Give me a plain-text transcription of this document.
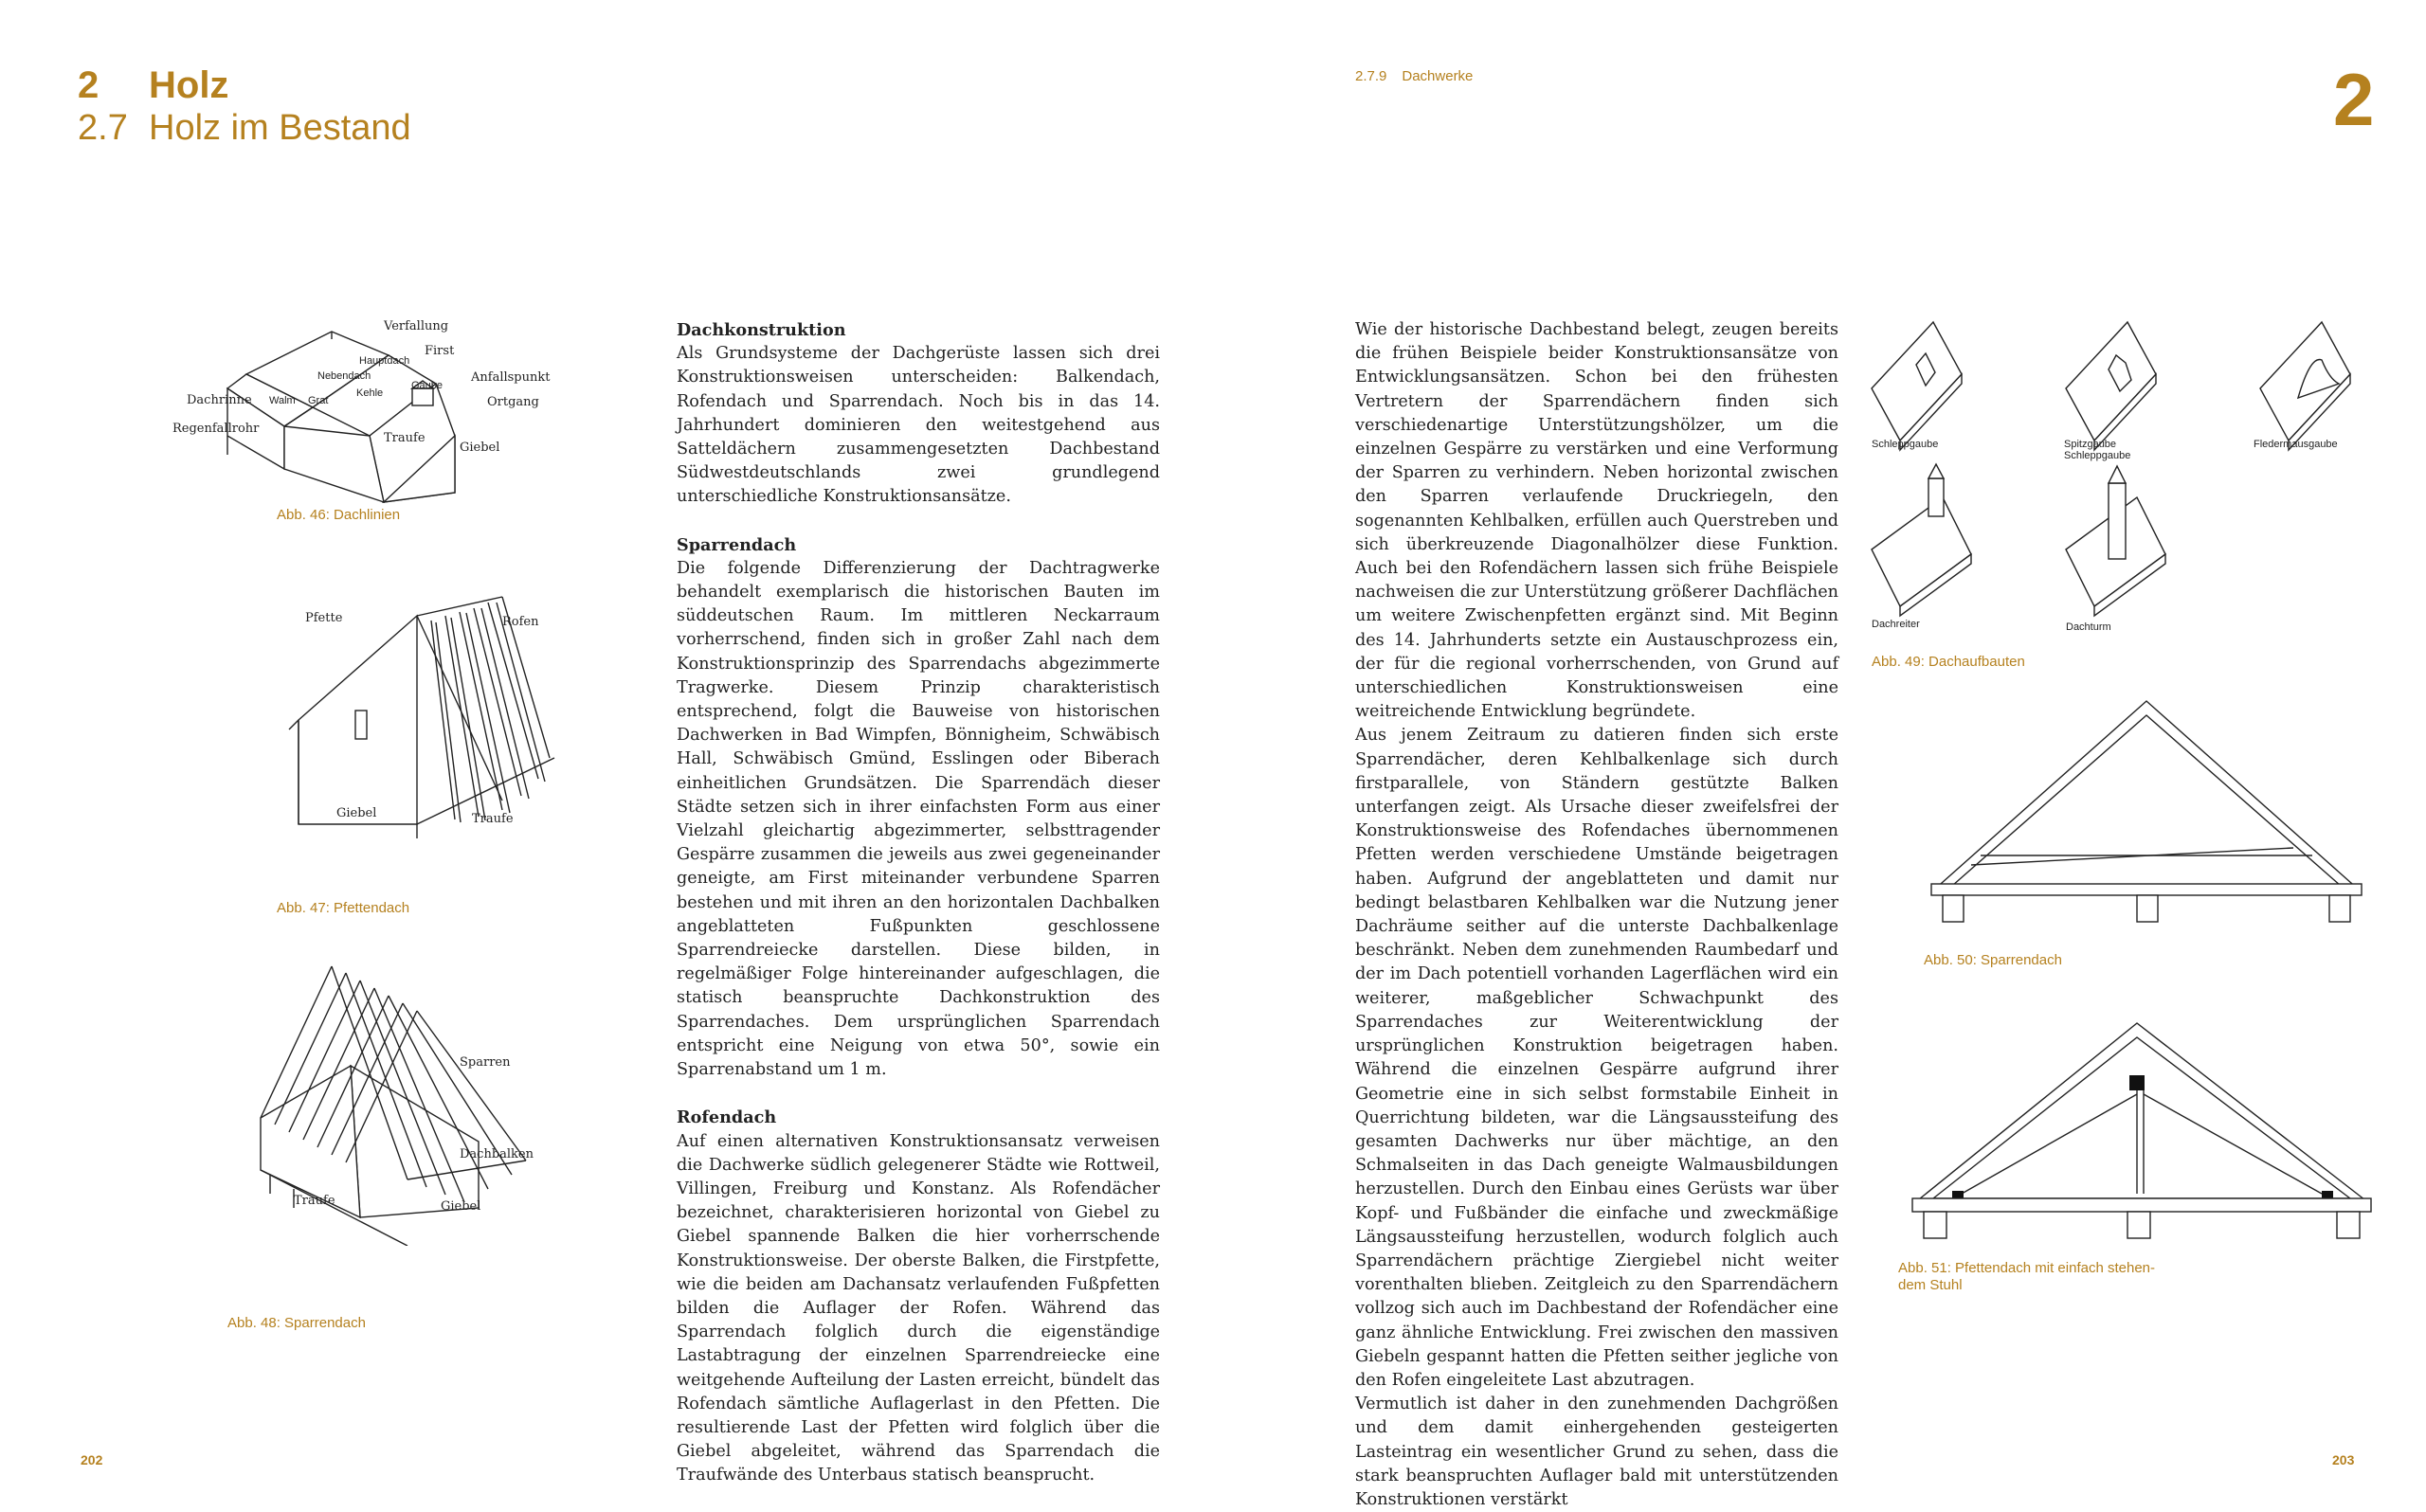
2 Holz
2.7 Holz im Bestand
2.7.9 Dachwerke	2
Verfallung
First
Hauptdach
Nebendach
Gaube
Anfallspunkt
Ortgang
Dachrinne Walm Grat
Kehle
Regenfallrohr
Traufe
Giebel
Abb. 46: Dachlinien
Pfette	Rofen
Giebel	Traufe
Abb. 47: Pfettendach
Sparren
Dachbalken
Traufe	Giebel
Abb. 48: Sparrendach
Dachkonstruktion

Als Grundsysteme der Dachgerüste lassen sich drei Konstruktionsweisen unterscheiden: Balkendach, Rofendach und Sparrendach. Noch bis in das 14. Jahrhundert dominieren den weitestgehend aus Satteldächern zusammengesetzten Dachbestand Südwestdeutschlands zwei grundlegend unterschiedliche Konstruktionsansätze.

Sparrendach

Die folgende Differenzierung der Dachtragwerke behandelt exemplarisch die historischen Bauten im süddeutschen Raum. Im mittleren Neckarraum vorherrschend, finden sich in großer Zahl nach dem Konstruktionsprinzip des Sparrendachs abgezimmerte Tragwerke. Diesem Prinzip charakteristisch entsprechend, folgt die Bauweise von historischen Dachwerken in Bad Wimpfen, Bönnigheim, Schwäbisch Hall, Schwäbisch Gmünd, Esslingen oder Biberach einheitlichen Grundsätzen. Die Sparrendäch dieser Städte setzen sich in ihrer einfachsten Form aus einer Vielzahl gleichartig abgezimmerter, selbsttragender Gespärre zusammen die jeweils aus zwei gegeneinander geneigte, am First miteinander verbundene Sparren bestehen und mit ihren an den horizontalen Dachbalken angeblatteten Fußpunkten geschlossene Sparrendreiecke darstellen. Diese bilden, in regelmäßiger Folge hintereinander aufgeschlagen, die statisch beanspruchte Dachkonstruktion des Sparrendaches. Dem ursprünglichen Sparrendach entspricht eine Neigung von etwa 50°, sowie ein Sparrenabstand um 1 m.

Rofendach

Auf einen alternativen Konstruktionsansatz verweisen die Dachwerke südlich gelegenerer Städte wie Rottweil, Villingen, Freiburg und Konstanz. Als Rofendächer bezeichnet, charakterisieren horizontal von Giebel zu Giebel spannende Balken die hier vorherrschende Konstruktionsweise. Der oberste Balken, die Firstpfette, wie die beiden am Dachansatz verlaufenden Fußpfetten bilden die Auflager der Rofen. Während das Sparrendach folglich durch die eigenständige Lastabtragung der einzelnen Sparrendreiecke eine weitgehende Aufteilung der Lasten erreicht, bündelt das Rofendach sämtliche Auflagerlast in den Pfetten. Die resultierende Last der Pfetten wird folglich über die Giebel abgeleitet, während das Sparrendach die Traufwände des Unterbaus statisch beansprucht.

Wie der historische Dachbestand belegt, zeugen bereits die frühen Beispiele beider Konstruktionsansätze von Entwicklungsansätzen. Schon bei den frühesten Vertretern der Sparrendächern finden sich verschiedenartige Unterstützungshölzer, um die einzelnen Gespärre zu verstärken und eine Verformung der Sparren zu verhindern. Neben horizontal zwischen den Sparren verlaufende Druckriegeln, den sogenannten Kehlbalken, erfüllen auch Querstreben und sich überkreuzende Diagonalhölzer diese Funktion. Auch bei den Rofendächern lassen sich frühe Beispiele nachweisen die zur Unterstützung größerer Dachflächen um weitere Zwischenpfetten ergänzt sind. Mit Beginn des 14. Jahrhunderts setzte ein Austauschprozess ein, der für die regional vorherrschenden, von Grund auf unterschiedlichen Konstruktionsweisen eine weitreichende Entwicklung begründete.

Aus jenem Zeitraum zu datieren finden sich erste Sparrendächer, deren Kehlbalkenlage sich durch firstparallele, von Ständern gestützte Balken unterfangen zeigt. Als Ursache dieser zweifelsfrei der Konstruktionsweise des Rofendaches übernommenen Pfetten werden verschiedene Umstände beigetragen haben. Aufgrund der angeblatteten und damit nur bedingt belastbaren Kehlbalken war die Nutzung jener Dachräume seither auf die unterste Dachbalkenlage beschränkt. Neben dem zunehmenden Raumbedarf und der im Dach potentiell vorhanden Lagerflächen wird ein weiterer, maßgeblicher Schwachpunkt des Sparrendaches zur Weiterentwicklung der ursprünglichen Konstruktion beigetragen haben. Während die einzelnen Gespärre aufgrund ihrer Geometrie eine in sich selbst formstabile Einheit in Querrichtung bildeten, war die Längsaussteifung des gesamten Dachwerks nur über mächtige, an den Schmalseiten in das Dach geneigte Walmausbildungen herzustellen. Durch den Einbau eines Gerüsts war über Kopf- und Fußbänder die einfache und zweckmäßige Längsaussteifung herzustellen, wodurch folglich auch Sparrendächern prächtige Ziergiebel nicht weiter vorenthalten blieben. Zeitgleich zu den Sparrendächern vollzog sich auch im Dachbestand der Rofendächer eine ganz ähnliche Entwicklung. Frei zwischen den massiven Giebeln gespannt hatten die Pfetten seither jegliche von den Rofen eingeleitete Last abzutragen.

Vermutlich ist daher in den zunehmenden Dachgrößen und dem damit einhergehenden gesteigerten Lasteintrag ein wesentlicher Grund zu sehen, dass die stark beanspruchten Auflager bald mit unterstützenden Konstruktionen verstärkt

Schleppgaube	Spitzgaube
Schleppgaube
Fledermausgaube
Dachreiter	Dachturm
Abb. 49: Dachaufbauten
Abb. 50: Sparrendach
Abb. 51: Pfettendach mit einfach stehen-
dem Stuhl
202	203
